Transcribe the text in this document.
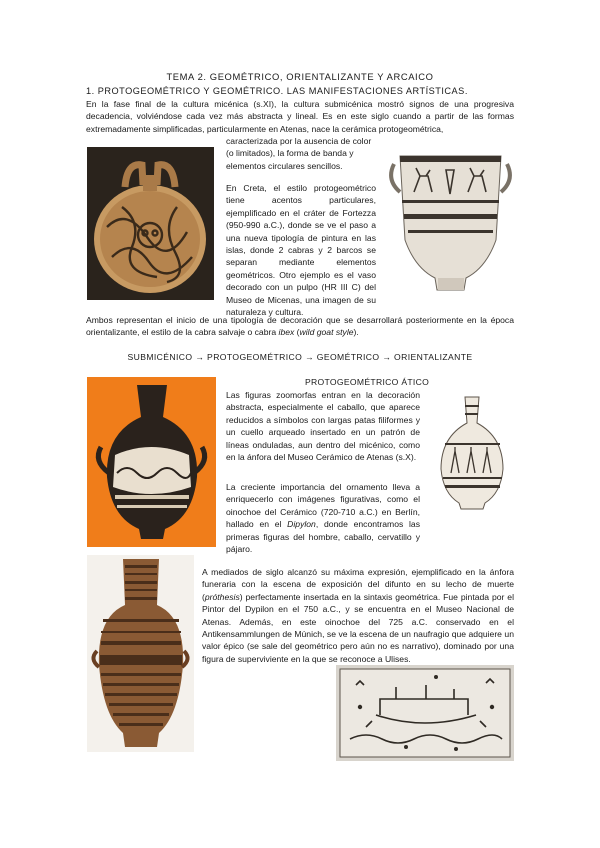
TEMA 2. GEOMÉTRICO, ORIENTALIZANTE Y ARCAICO
1. PROTOGEOMÉTRICO Y GEOMÉTRICO. LAS MANIFESTACIONES ARTÍSTICAS.

En la fase final de la cultura micénica (s.XI), la cultura submicénica mostró signos de una progresiva decadencia, volviéndose cada vez más abstracta y lineal. Es en este siglo cuando a partir de las formas extremadamente simplificadas, particularmente en Atenas, nace la cerámica protogeométrica,

caracterizada por la ausencia de color (o limitados), la forma de banda y elementos circulares sencillos.

En Creta, el estilo protogeométrico tiene acentos particulares, ejemplificado en el cráter de Fortezza (950-990 a.C.), donde se ve el paso a una nueva tipología de pintura en las islas, donde 2 cabras y 2 barcos se separan mediante elementos geométricos. Otro ejemplo es el vaso decorado con un pulpo (HR III C) del Museo de Micenas, una imagen de su naturaleza y cultura.

Ambos representan el inicio de una tipología de decoración que se desarrollará posteriormente en la época orientalizante, el estilo de la cabra salvaje o cabra ibex (wild goat style).

SUBMICÉNICO → PROTOGEOMÉTRICO → GEOMÉTRICO → ORIENTALIZANTE
PROTOGEOMÉTRICO ÁTICO

Las figuras zoomorfas entran en la decoración abstracta, especialmente el caballo, que aparece reducidos a símbolos con largas patas filiformes y un cuello arqueado insertado en un patrón de líneas onduladas, aun dentro del micénico, como en la ánfora del Museo Cerámico de Atenas (s.X).

La creciente importancia del ornamento lleva a enriquecerlo con imágenes figurativas, como el oinochoe del Cerámico (720-710 a.C.) en Berlín, hallado en el Dipylon, donde encontramos las primeras figuras del hombre, caballo, cervatillo y pájaro.

A mediados de siglo alcanzó su máxima expresión, ejemplificado en la ánfora funeraria con la escena de exposición del difunto en su lecho de muerte (próthesis) perfectamente insertada en la sintaxis geométrica. Fue pintada por el Pintor del Dypilon en el 750 a.C., y se encuentra en el Museo Nacional de Atenas. Además, en este oinochoe del 725 a.C. conservado en el Antikensammlungen de Múnich, se ve la escena de un naufragio que adquiere un valor épico (se sale del geométrico pero aún no es narrativo), dominado por una figura de superviviente en la que se reconoce a Ulises.
